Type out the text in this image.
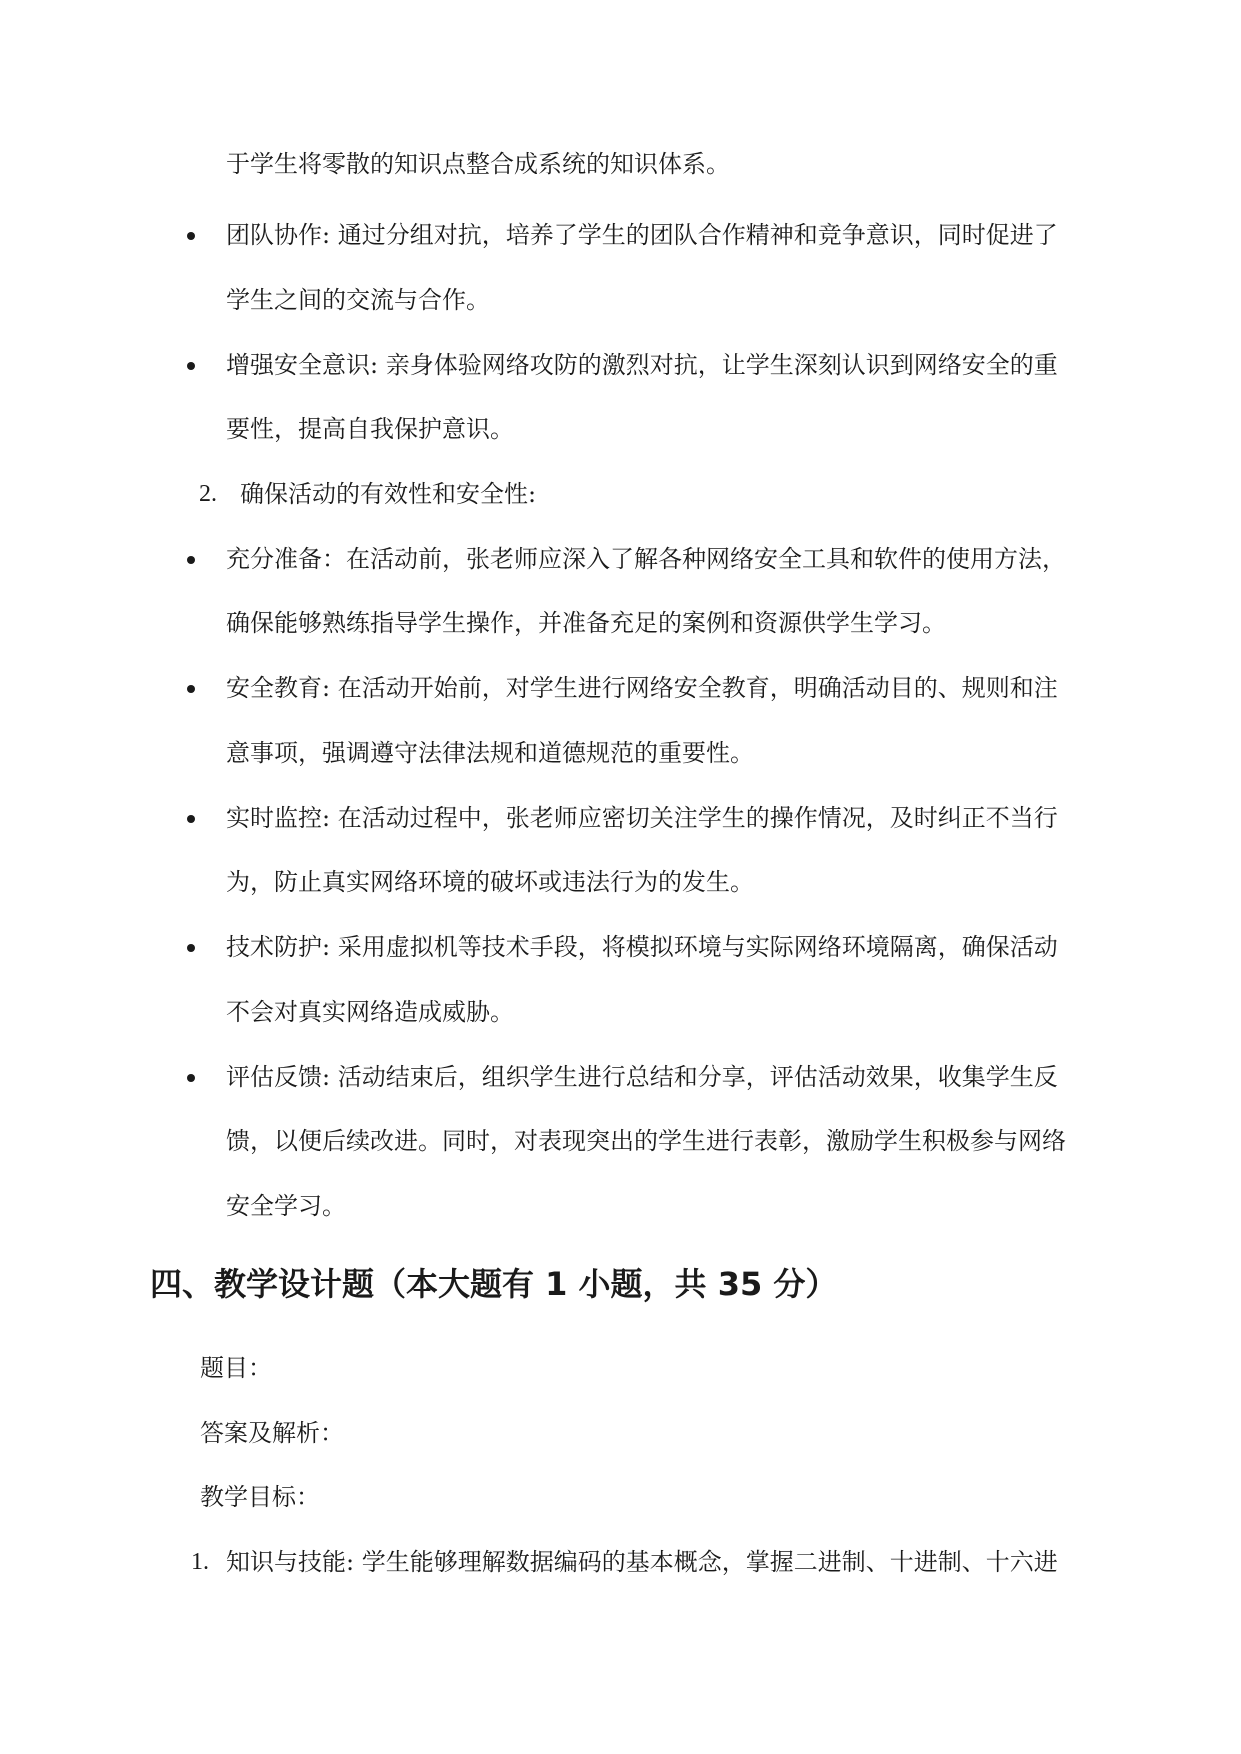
于学生将零散的知识点整合成系统的知识体系。
团队协作: 通过分组对抗，培养了学生的团队合作精神和竞争意识，同时促进了
学生之间的交流与合作。
增强安全意识: 亲身体验网络攻防的激烈对抗，让学生深刻认识到网络安全的重
要性，提高自我保护意识。
2. 确保活动的有效性和安全性:
充分准备：在活动前，张老师应深入了解各种网络安全工具和软件的使用方法，
确保能够熟练指导学生操作，并准备充足的案例和资源供学生学习。
安全教育: 在活动开始前，对学生进行网络安全教育，明确活动目的、规则和注
意事项，强调遵守法律法规和道德规范的重要性。
实时监控: 在活动过程中，张老师应密切关注学生的操作情况，及时纠正不当行
为，防止真实网络环境的破坏或违法行为的发生。
技术防护: 采用虚拟机等技术手段，将模拟环境与实际网络环境隔离，确保活动
不会对真实网络造成威胁。
评估反馈: 活动结束后，组织学生进行总结和分享，评估活动效果，收集学生反
馈，以便后续改进。同时，对表现突出的学生进行表彰，激励学生积极参与网络
安全学习。
四、教学设计题（本大题有 1 小题，共 35 分）
题目：
答案及解析：
教学目标：
1. 知识与技能: 学生能够理解数据编码的基本概念，掌握二进制、十进制、十六进
